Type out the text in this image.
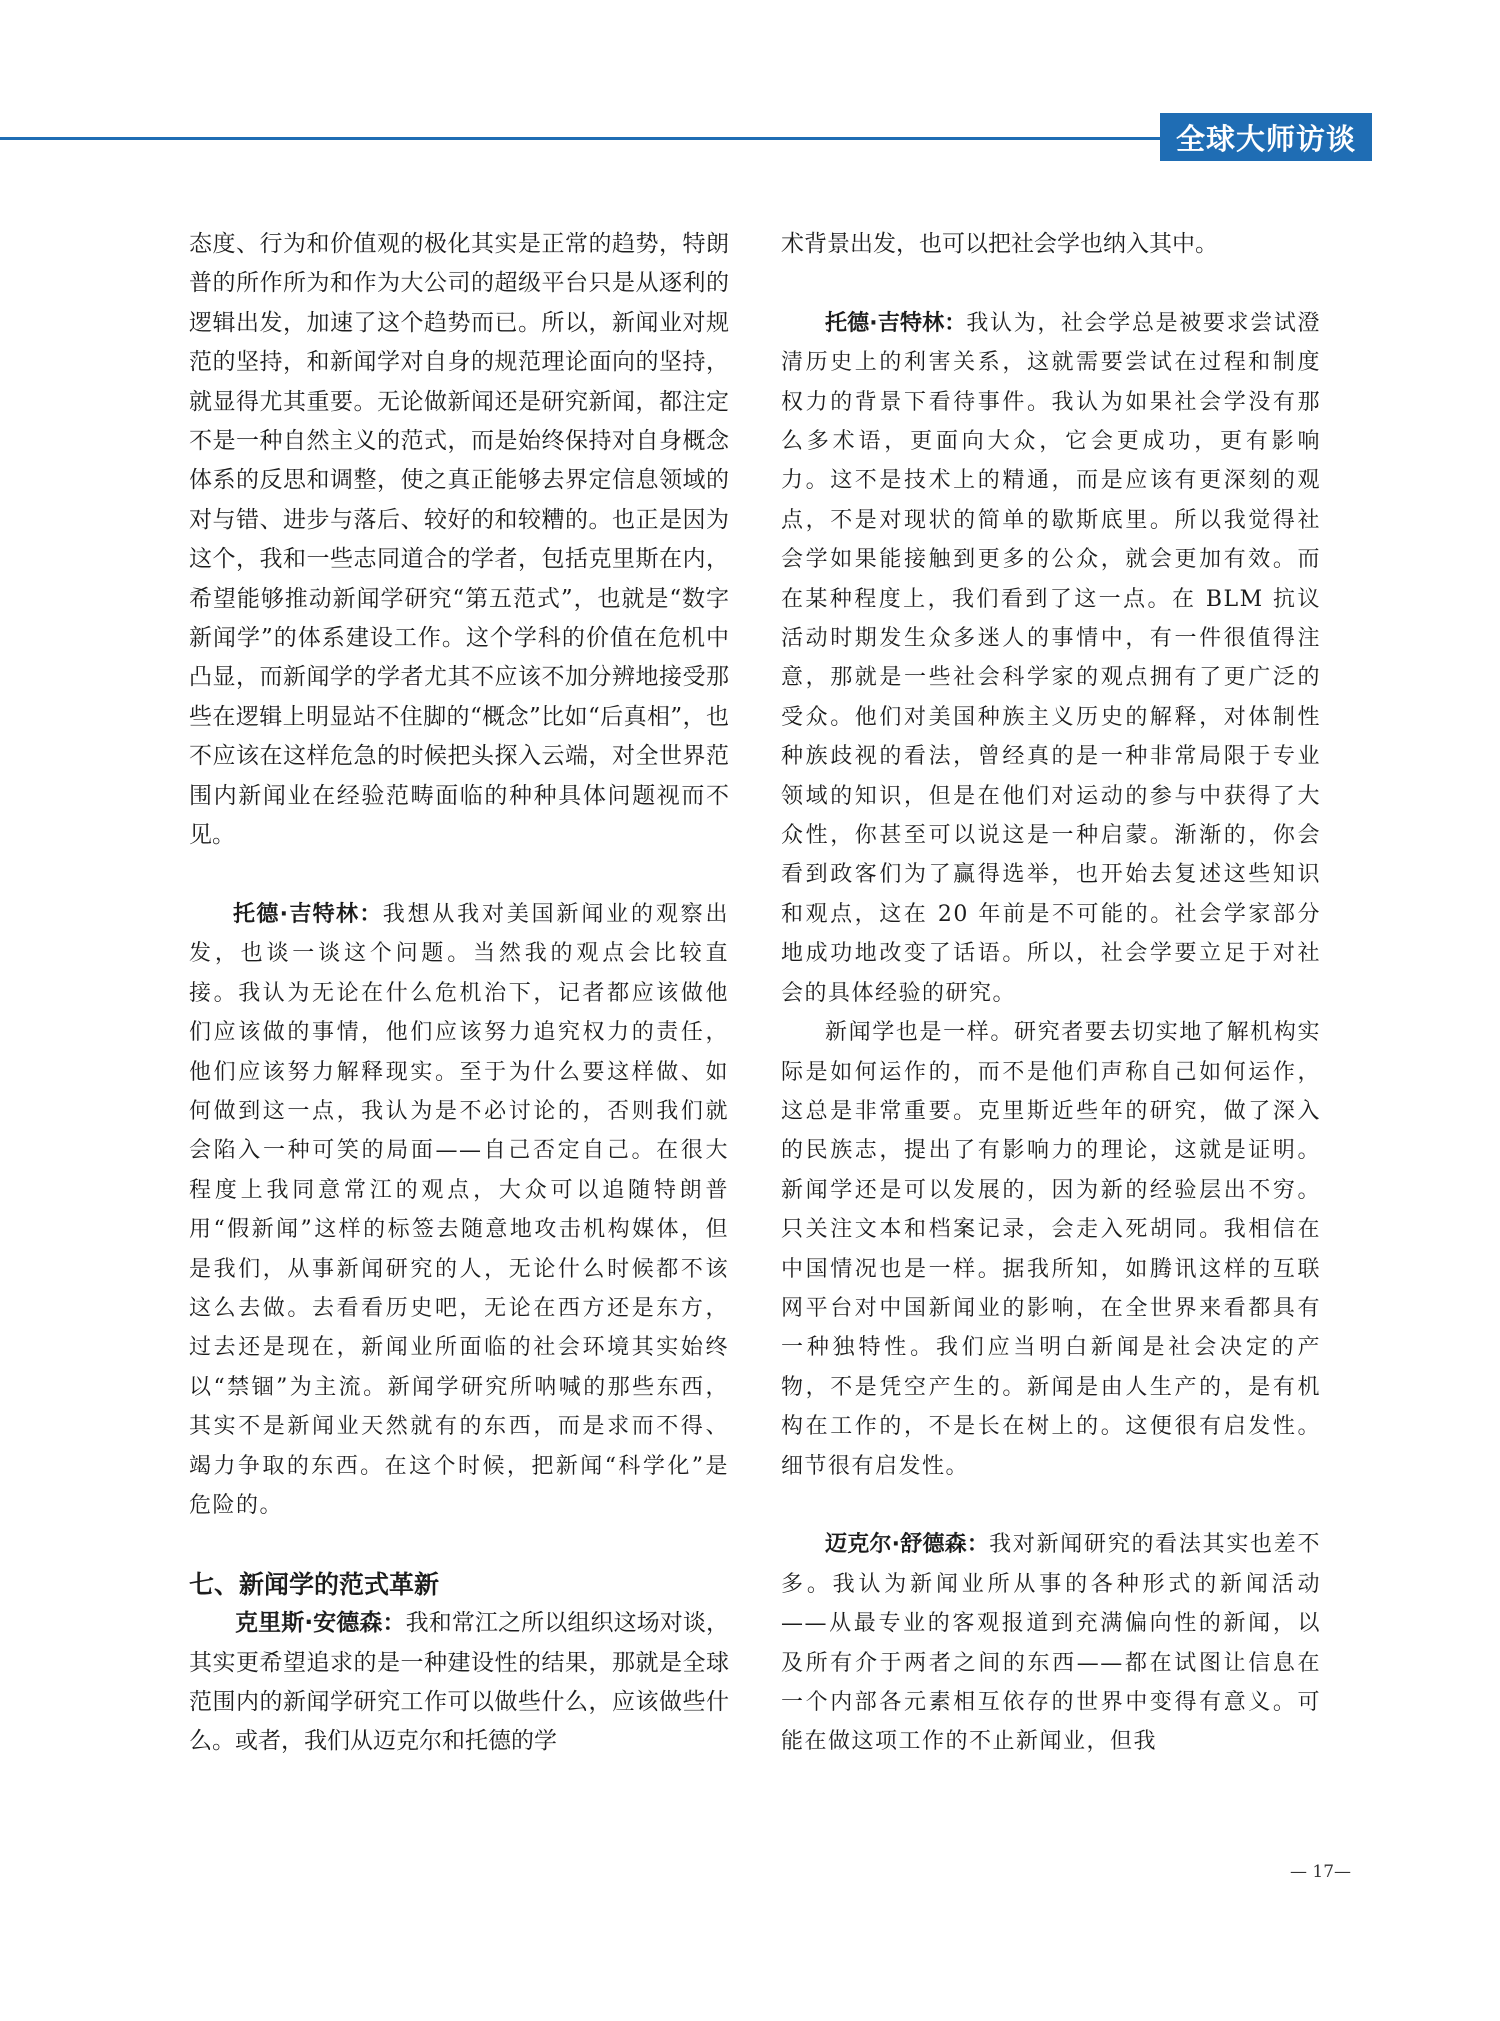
全球大师访谈

态度、行为和价值观的极化其实是正常的趋势，特朗普的所作所为和作为大公司的超级平台只是从逐利的逻辑出发，加速了这个趋势而已。所以，新闻业对规范的坚持，和新闻学对自身的规范理论面向的坚持，就显得尤其重要。无论做新闻还是研究新闻，都注定不是一种自然主义的范式，而是始终保持对自身概念体系的反思和调整，使之真正能够去界定信息领域的对与错、进步与落后、较好的和较糟的。也正是因为这个，我和一些志同道合的学者，包括克里斯在内，希望能够推动新闻学研究“第五范式”，也就是“数字新闻学”的体系建设工作。这个学科的价值在危机中凸显，而新闻学的学者尤其不应该不加分辨地接受那些在逻辑上明显站不住脚的“概念”比如“后真相”，也不应该在这样危急的时候把头探入云端，对全世界范围内新闻业在经验范畴面临的种种具体问题视而不见。

托德·吉特林：我想从我对美国新闻业的观察出发，也谈一谈这个问题。当然我的观点会比较直接。我认为无论在什么危机治下，记者都应该做他们应该做的事情，他们应该努力追究权力的责任，他们应该努力解释现实。至于为什么要这样做、如何做到这一点，我认为是不必讨论的，否则我们就会陷入一种可笑的局面——自己否定自己。在很大程度上我同意常江的观点，大众可以追随特朗普用“假新闻”这样的标签去随意地攻击机构媒体，但是我们，从事新闻研究的人，无论什么时候都不该这么去做。去看看历史吧，无论在西方还是东方，过去还是现在，新闻业所面临的社会环境其实始终以“禁锢”为主流。新闻学研究所呐喊的那些东西，其实不是新闻业天然就有的东西，而是求而不得、竭力争取的东西。在这个时候，把新闻“科学化”是危险的。

七、新闻学的范式革新

克里斯·安德森：我和常江之所以组织这场对谈，其实更希望追求的是一种建设性的结果，那就是全球范围内的新闻学研究工作可以做些什么，应该做些什么。或者，我们从迈克尔和托德的学

术背景出发，也可以把社会学也纳入其中。

托德·吉特林：我认为，社会学总是被要求尝试澄清历史上的利害关系，这就需要尝试在过程和制度权力的背景下看待事件。我认为如果社会学没有那么多术语，更面向大众，它会更成功，更有影响力。这不是技术上的精通，而是应该有更深刻的观点，不是对现状的简单的歇斯底里。所以我觉得社会学如果能接触到更多的公众，就会更加有效。而在某种程度上，我们看到了这一点。在 BLM 抗议活动时期发生众多迷人的事情中，有一件很值得注意，那就是一些社会科学家的观点拥有了更广泛的受众。他们对美国种族主义历史的解释，对体制性种族歧视的看法，曾经真的是一种非常局限于专业领域的知识，但是在他们对运动的参与中获得了大众性，你甚至可以说这是一种启蒙。渐渐的，你会看到政客们为了赢得选举，也开始去复述这些知识和观点，这在 20 年前是不可能的。社会学家部分地成功地改变了话语。所以，社会学要立足于对社会的具体经验的研究。

新闻学也是一样。研究者要去切实地了解机构实际是如何运作的，而不是他们声称自己如何运作，这总是非常重要。克里斯近些年的研究，做了深入的民族志，提出了有影响力的理论，这就是证明。新闻学还是可以发展的，因为新的经验层出不穷。只关注文本和档案记录，会走入死胡同。我相信在中国情况也是一样。据我所知，如腾讯这样的互联网平台对中国新闻业的影响，在全世界来看都具有一种独特性。我们应当明白新闻是社会决定的产物，不是凭空产生的。新闻是由人生产的，是有机构在工作的，不是长在树上的。这便很有启发性。细节很有启发性。

迈克尔·舒德森：我对新闻研究的看法其实也差不多。我认为新闻业所从事的各种形式的新闻活动——从最专业的客观报道到充满偏向性的新闻，以及所有介于两者之间的东西——都在试图让信息在一个内部各元素相互依存的世界中变得有意义。可能在做这项工作的不止新闻业，但我

— 17—
